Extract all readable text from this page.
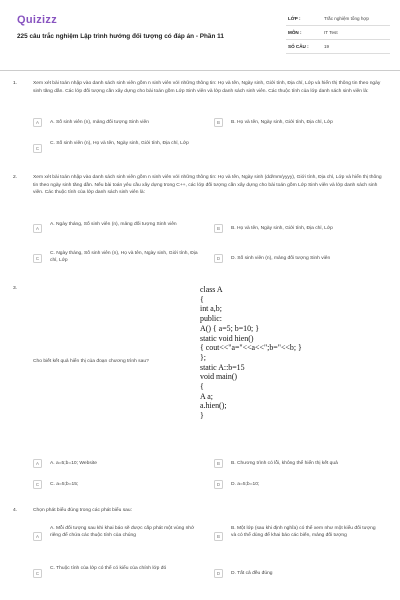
Quizizz
225 câu trắc nghiệm Lập trình hướng đối tượng có đáp án - Phần 11
LỚP :	Trắc nghiệm tổng hợp
MÔN :	IT Test
SỐ CÂU :	19
1.	Xem xét bài toán nhập vào danh sách sinh viên gồm n sinh viên với những thông tin: Họ và tên, Ngày sinh, Giới tính, Địa chỉ, Lớp và hiển thị thông tin theo ngày sinh tăng dần. Các lớp đối tượng cần xây dựng cho bài toán gồm Lớp Sinh viên và lớp danh sách sinh viên. Các thuộc tính của lớp danh sách sinh viên là:
A	A. Số sinh viên (n), mảng đối tượng Sinh viên	B	B. Họ và tên, Ngày sinh, Giới tính, Địa chỉ, Lớp
C
C. Số sinh viên (n), Họ và tên, Ngày sinh, Giới tính, Địa chỉ, Lớp
2.	Xem xét bài toán nhập vào danh sách sinh viên gồm n sinh viên với những thông tin: Họ và tên, Ngày sinh (dd/mm/yyyy), Giới tính, Địa chỉ, Lớp và hiển thị thông tin theo ngày sinh tăng dần. Nếu bài toán yêu cầu xây dựng trong C++, các lớp đối tượng cần xây dựng cho bài toán gồm Lớp Sinh viên và lớp danh sách sinh viên. Các thuộc tính của lớp danh sách sinh viên là:
A
A. Ngày tháng, Số sinh viên (n), mảng đối tượng Sinh viên
B	B. Họ và tên, Ngày sinh, Giới tính, Địa chỉ, Lớp
C
C. Ngày tháng, Số sinh viên (n), Họ và tên, Ngày sinh, Giới tính, Địa chỉ, Lớp	D	D. Số sinh viên (n), mảng đối tượng Sinh viên
3.
Cho biết kết quả hiển thị của đoạn chương trình sau?
class A
{
int a,b;
public:
A() { a=5; b=10; }
static void hien()
{ cout<<"a="<<a<<";b="<<b; }
};
static A::b=15
void main()
{
A a;
a.hien();
}
A	A. a=5;b=10; Website	B	B. Chương trình có lỗi, không thể hiển thị kết quả
C	C. a=5;b=15;	D	D. a=5;b=10;
4.	Chọn phát biểu đúng trong các phát biểu sau:
A
A. Mỗi đối tượng sau khi khai báo sẽ được cấp phát một vùng nhớ riêng để chứa các thuộc tính của chúng	B
B. Một lớp (sau khi định nghĩa) có thể xem như một kiểu đối tượng và có thể dùng để khai báo các biến, mảng đối tượng
C
C. Thuộc tính của lớp có thể có kiểu của chính lớp đó
D	D. Tất cả đều đúng
